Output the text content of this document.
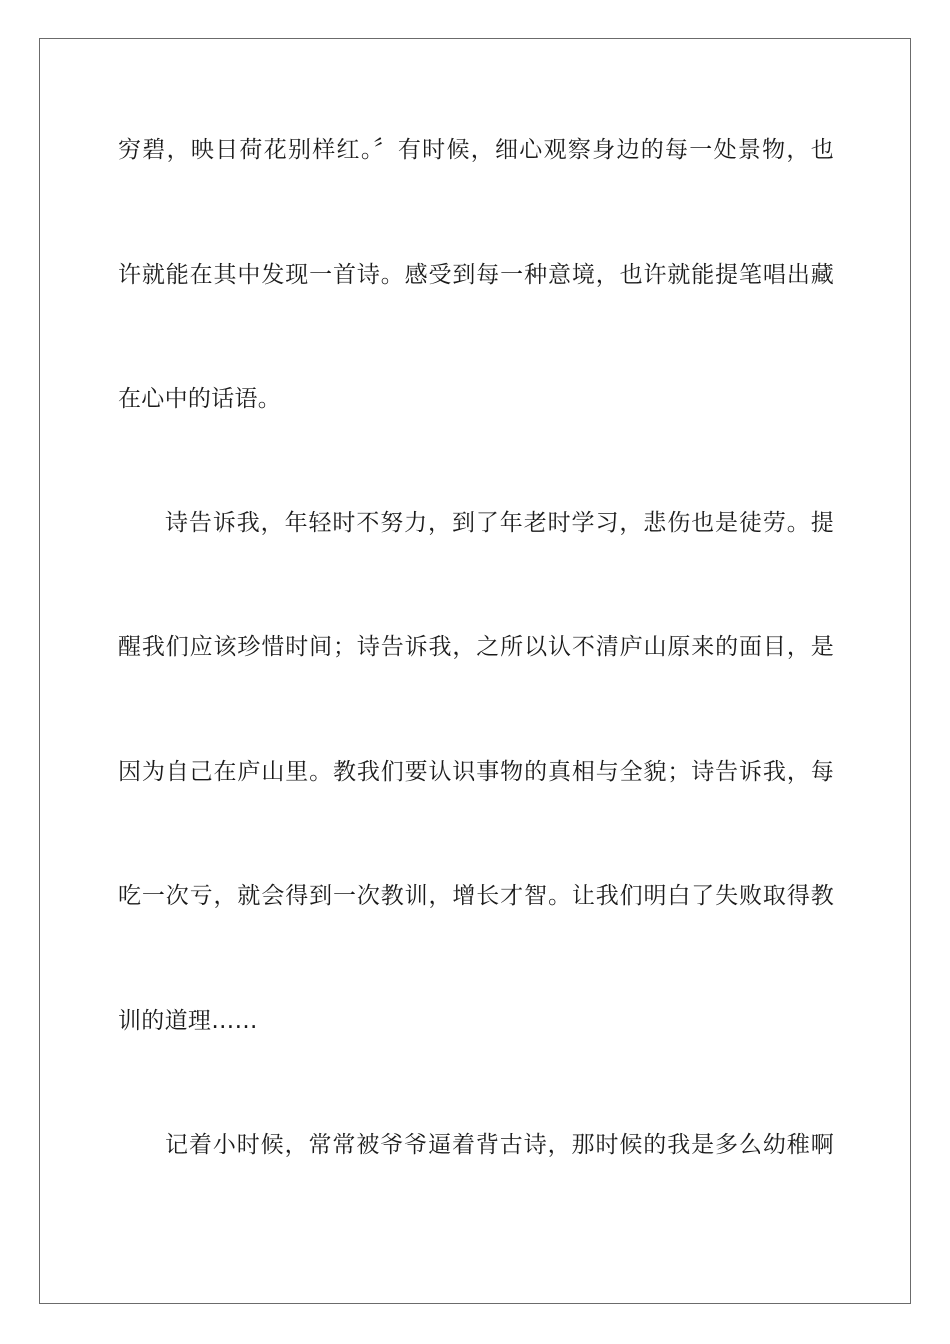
穷碧，映日荷花别样红。〞有时候，细心观察身边的每一处景物，也
许就能在其中发现一首诗。感受到每一种意境，也许就能提笔唱出藏
在心中的话语。
诗告诉我，年轻时不努力，到了年老时学习，悲伤也是徒劳。提
醒我们应该珍惜时间；诗告诉我，之所以认不清庐山原来的面目，是
因为自己在庐山里。教我们要认识事物的真相与全貌；诗告诉我，每
吃一次亏，就会得到一次教训，增长才智。让我们明白了失败取得教
训的道理……
记着小时候，常常被爷爷逼着背古诗，那时候的我是多么幼稚啊
